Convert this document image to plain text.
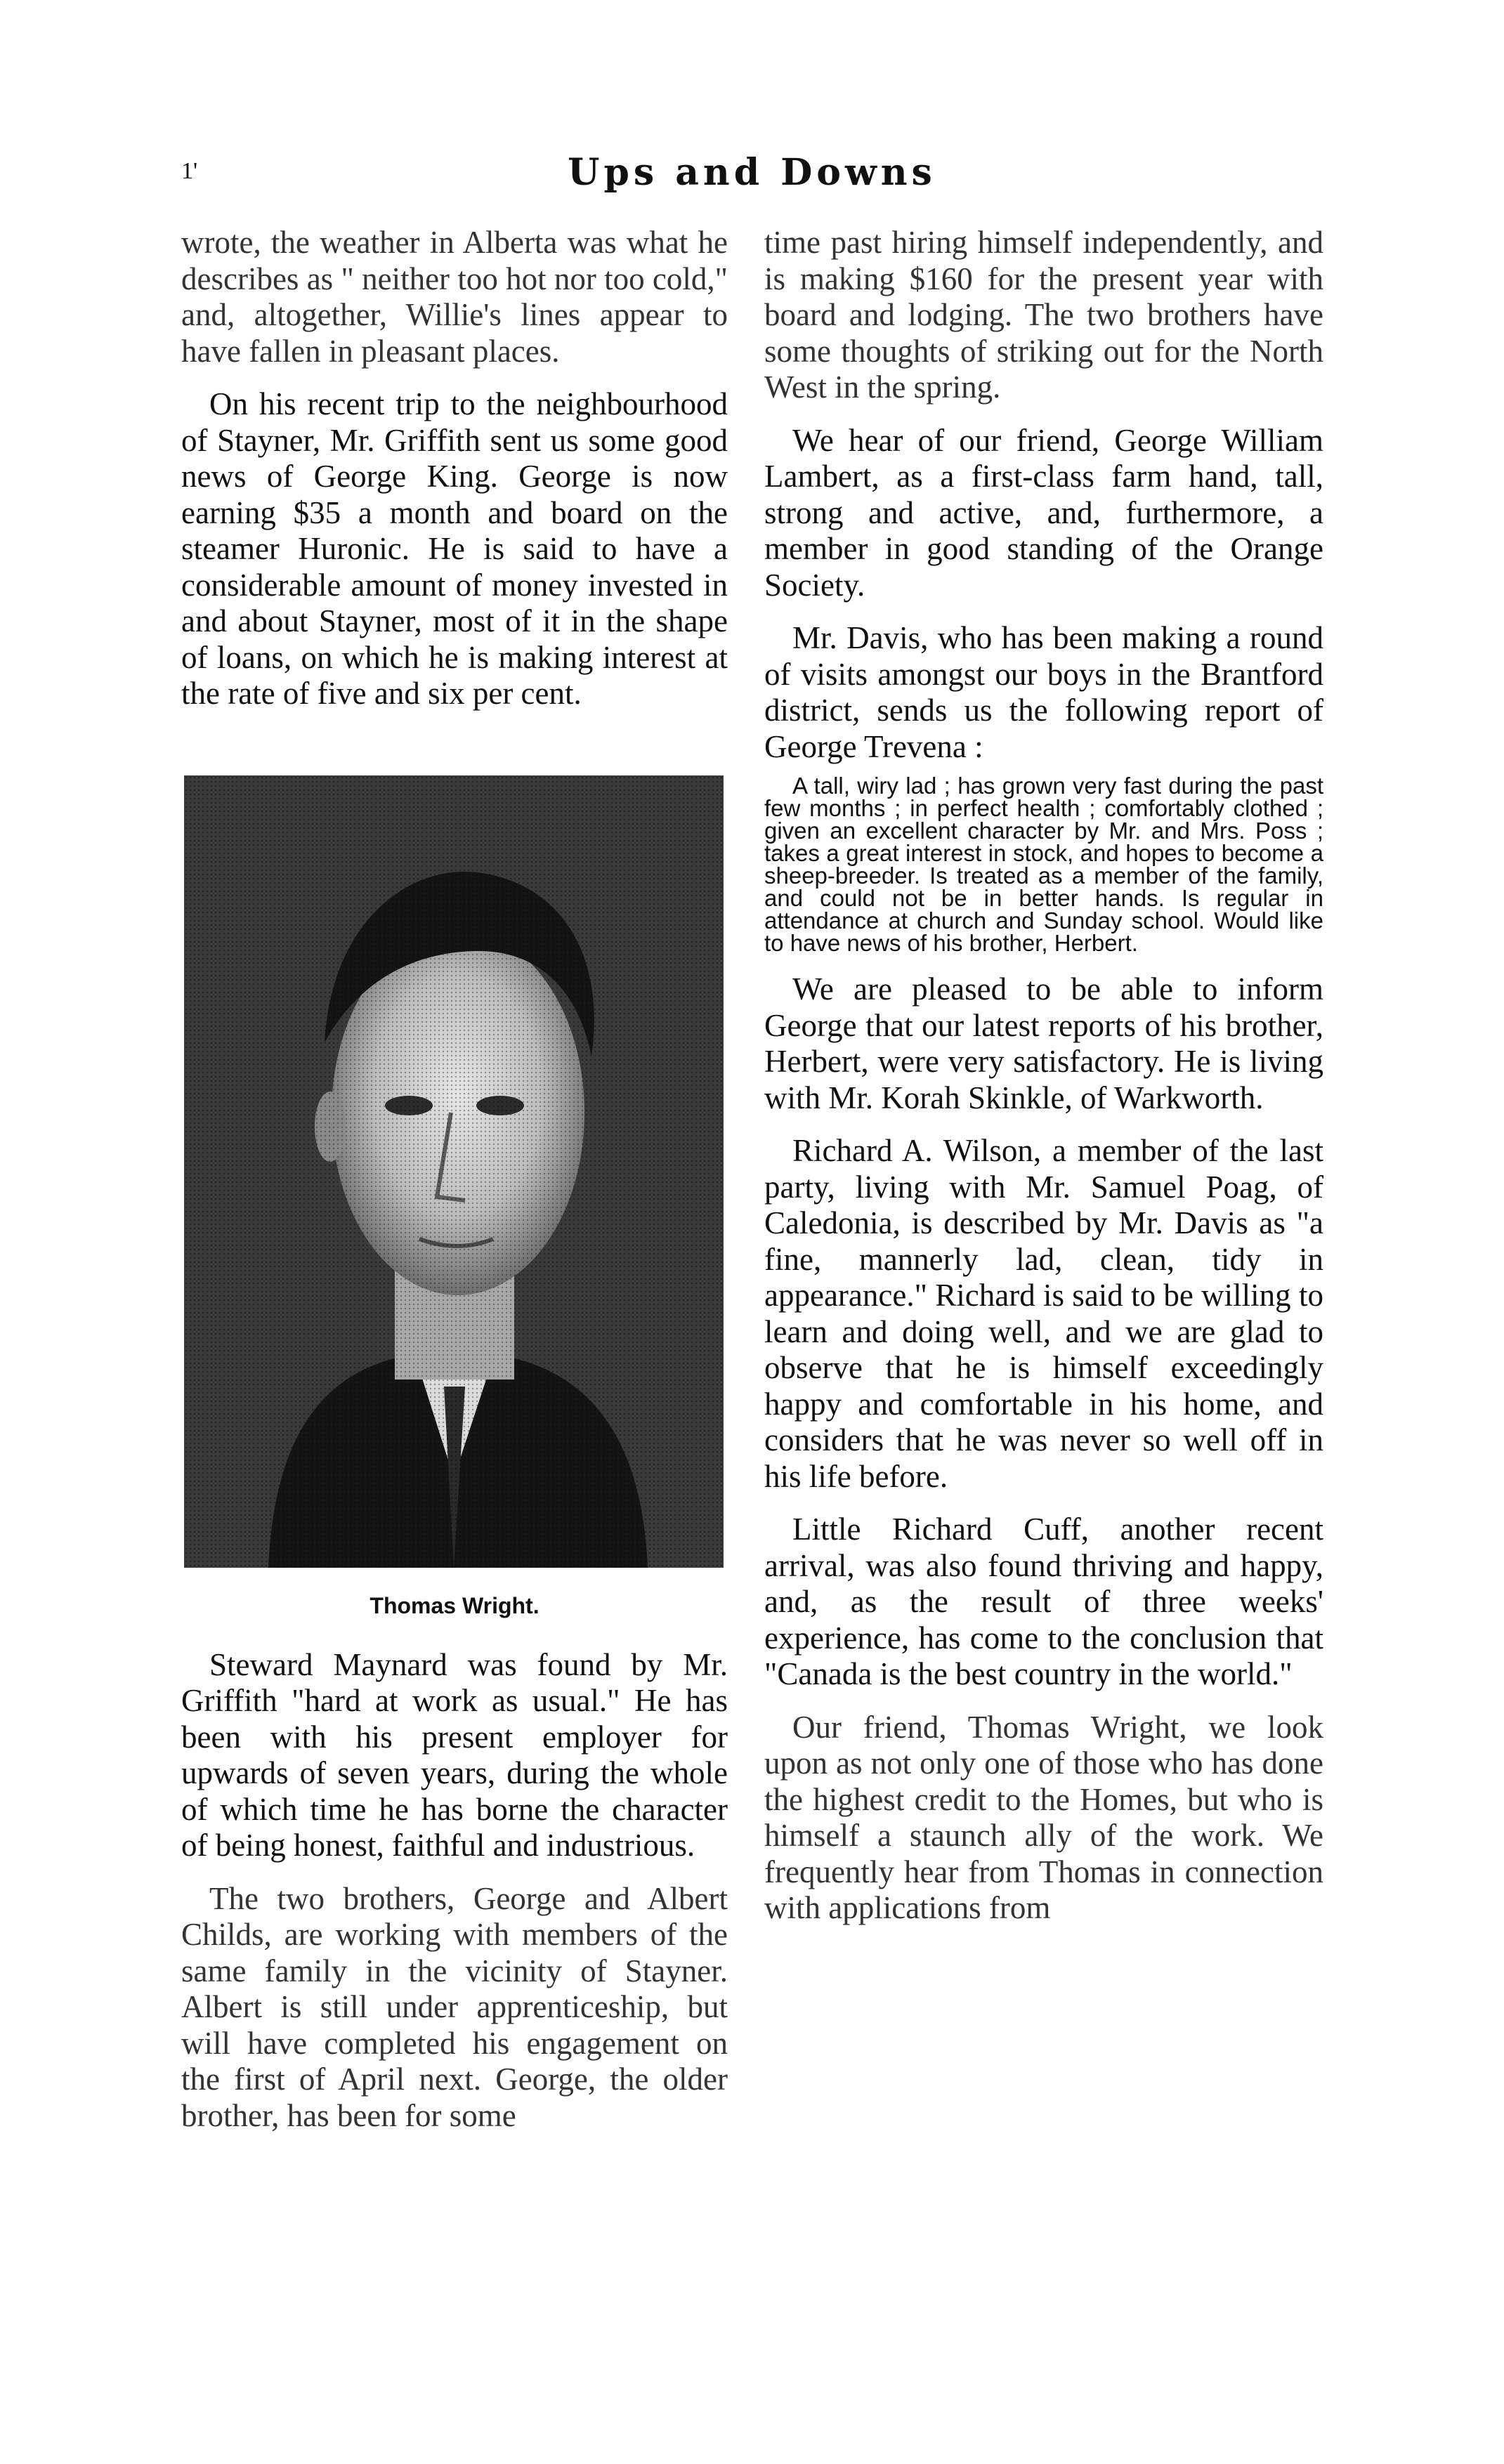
1'	Ups and Downs

wrote, the weather in Alberta was what he describes as " neither too hot nor too cold," and, altogether, Willie's lines appear to have fallen in pleasant places.

On his recent trip to the neighbourhood of Stayner, Mr. Griffith sent us some good news of George King. George is now earning $35 a month and board on the steamer Huronic. He is said to have a considerable amount of money invested in and about Stayner, most of it in the shape of loans, on which he is making interest at the rate of five and six per cent.

Thomas Wright.

Steward Maynard was found by Mr. Griffith "hard at work as usual." He has been with his present employer for upwards of seven years, during the whole of which time he has borne the character of being honest, faithful and industrious.

The two brothers, George and Albert Childs, are working with members of the same family in the vicinity of Stayner. Albert is still under apprenticeship, but will have completed his engagement on the first of April next. George, the older brother, has been for some

time past hiring himself independently, and is making $160 for the present year with board and lodging. The two brothers have some thoughts of striking out for the North West in the spring.

We hear of our friend, George William Lambert, as a first-class farm hand, tall, strong and active, and, furthermore, a member in good standing of the Orange Society.

Mr. Davis, who has been making a round of visits amongst our boys in the Brantford district, sends us the following report of George Trevena :

A tall, wiry lad ; has grown very fast during the past few months ; in perfect health ; comfortably clothed ; given an excellent character by Mr. and Mrs. Poss ; takes a great interest in stock, and hopes to become a sheep-breeder. Is treated as a member of the family, and could not be in better hands. Is regular in attendance at church and Sunday school. Would like to have news of his brother, Herbert.

We are pleased to be able to inform George that our latest reports of his brother, Herbert, were very satisfactory. He is living with Mr. Korah Skinkle, of Warkworth.

Richard A. Wilson, a member of the last party, living with Mr. Samuel Poag, of Caledonia, is described by Mr. Davis as "a fine, mannerly lad, clean, tidy in appearance." Richard is said to be willing to learn and doing well, and we are glad to observe that he is himself exceedingly happy and comfortable in his home, and considers that he was never so well off in his life before.

Little Richard Cuff, another recent arrival, was also found thriving and happy, and, as the result of three weeks' experience, has come to the conclusion that "Canada is the best country in the world."

Our friend, Thomas Wright, we look upon as not only one of those who has done the highest credit to the Homes, but who is himself a staunch ally of the work. We frequently hear from Thomas in connection with applications from
